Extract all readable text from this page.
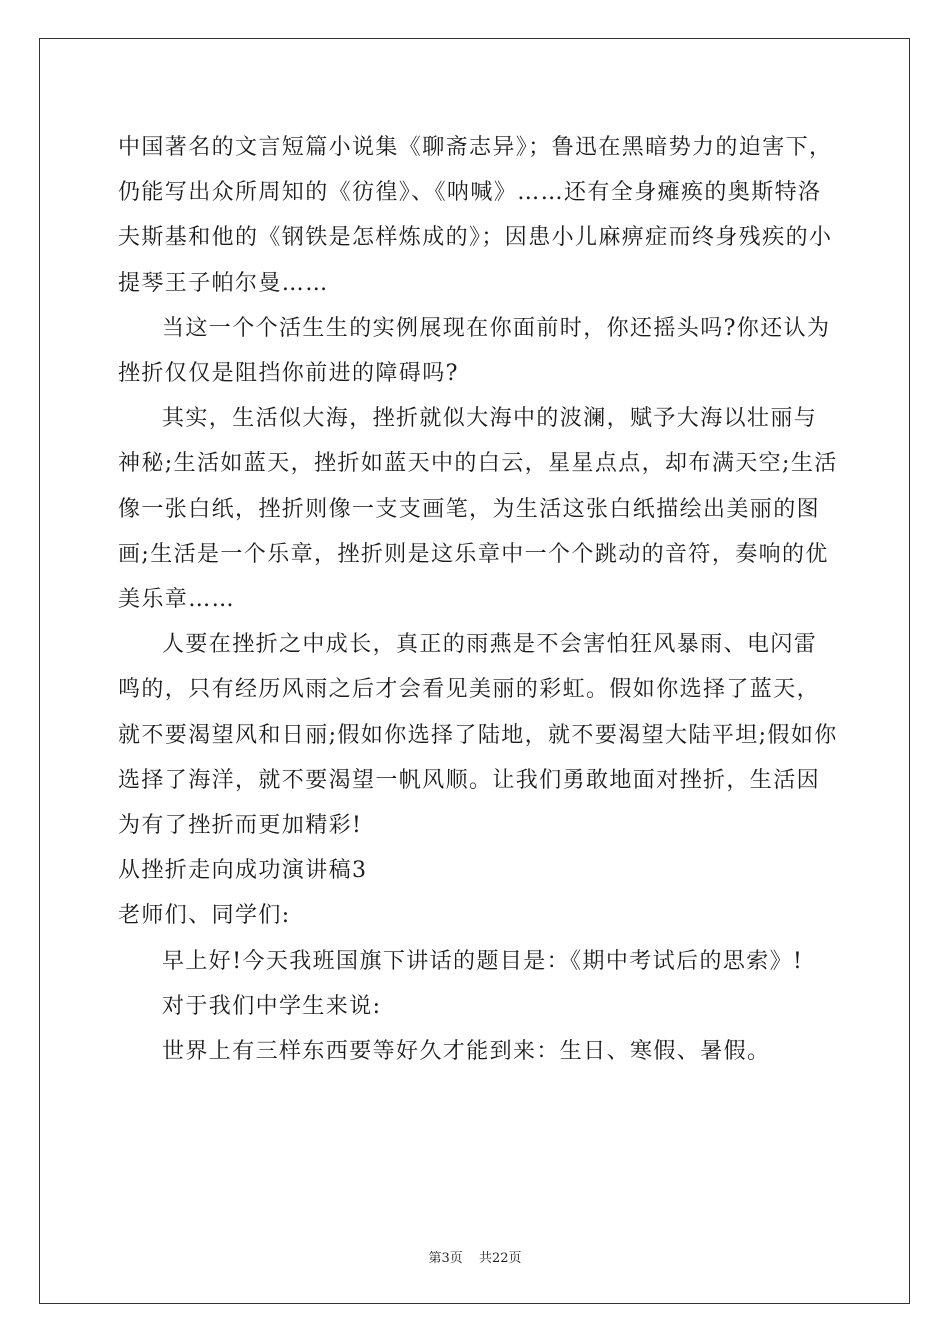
中国著名的文言短篇小说集《聊斋志异》；鲁迅在黑暗势力的迫害下，仍能写出众所周知的《彷徨》、《呐喊》……还有全身瘫痪的奥斯特洛夫斯基和他的《钢铁是怎样炼成的》；因患小儿麻痹症而终身残疾的小提琴王子帕尔曼……

当这一个个活生生的实例展现在你面前时，你还摇头吗?你还认为挫折仅仅是阻挡你前进的障碍吗?

其实，生活似大海，挫折就似大海中的波澜，赋予大海以壮丽与神秘;生活如蓝天，挫折如蓝天中的白云，星星点点，却布满天空;生活像一张白纸，挫折则像一支支画笔，为生活这张白纸描绘出美丽的图画;生活是一个乐章，挫折则是这乐章中一个个跳动的音符，奏响的优美乐章……

人要在挫折之中成长，真正的雨燕是不会害怕狂风暴雨、电闪雷鸣的，只有经历风雨之后才会看见美丽的彩虹。假如你选择了蓝天，就不要渴望风和日丽;假如你选择了陆地，就不要渴望大陆平坦;假如你选择了海洋，就不要渴望一帆风顺。让我们勇敢地面对挫折，生活因为有了挫折而更加精彩!

从挫折走向成功演讲稿3

老师们、同学们:

早上好!今天我班国旗下讲话的题目是：《期中考试后的思索》!

对于我们中学生来说:

世界上有三样东西要等好久才能到来：生日、寒假、暑假。

第3页 共22页
